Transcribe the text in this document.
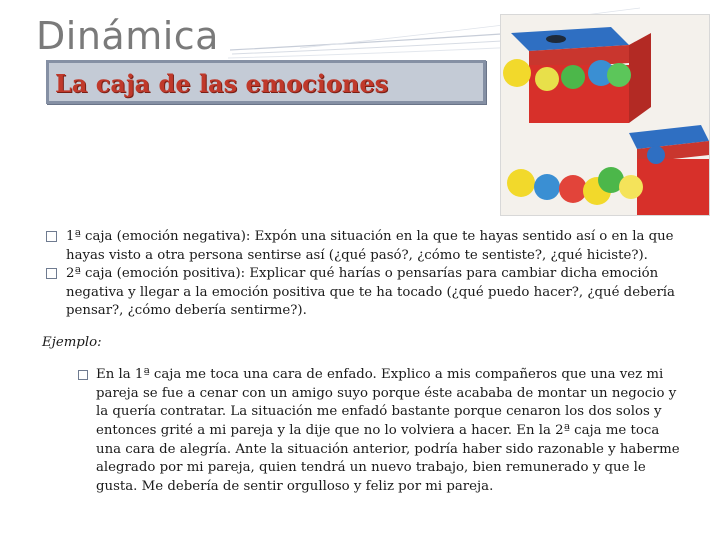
Dinámica
La caja de las emociones

1ª caja (emoción negativa): Expón una situación en la que te hayas sentido así o en la que hayas visto a otra persona sentirse así (¿qué pasó?, ¿cómo te sentiste?, ¿qué hiciste?).

2ª caja (emoción positiva): Explicar qué harías o pensarías para cambiar dicha emoción negativa y llegar a la emoción positiva que te ha tocado (¿qué puedo hacer?, ¿qué debería pensar?, ¿cómo debería sentirme?).

Ejemplo:

En la 1ª caja me toca una cara de enfado. Explico a mis compañeros que una vez mi pareja se fue a cenar con un amigo suyo porque éste acababa de montar un negocio y la quería contratar. La situación me enfadó bastante porque cenaron los dos solos y entonces grité a mi pareja y la dije que no lo volviera a hacer. En la 2ª caja me toca una cara de alegría. Ante la situación anterior, podría haber sido razonable y haberme alegrado por mi pareja, quien tendrá un nuevo trabajo, bien remunerado y que le gusta. Me debería de sentir orgulloso y feliz por mi pareja.
